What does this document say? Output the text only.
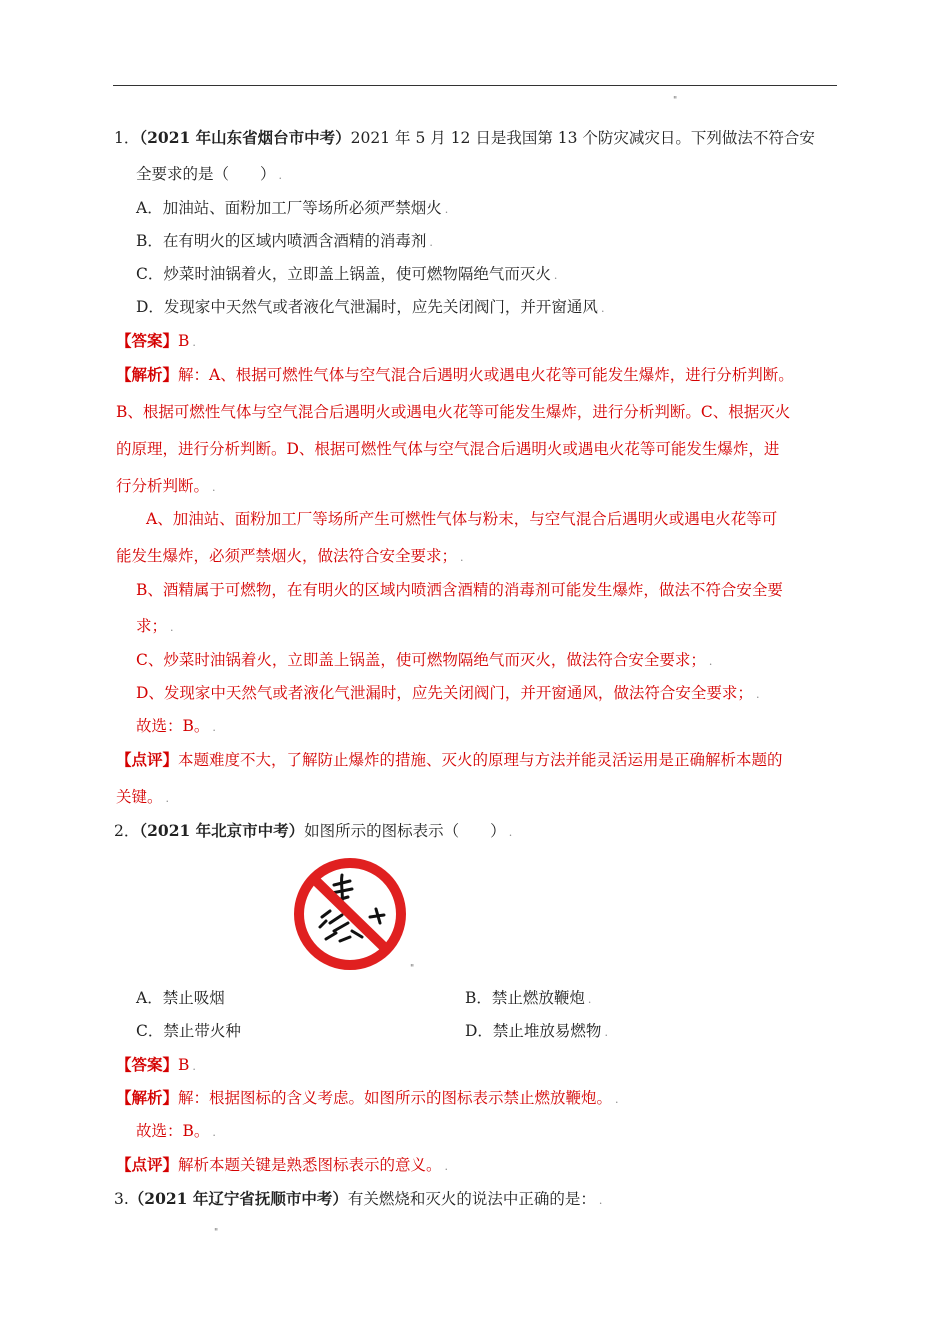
"
1．（2021 年山东省烟台市中考）2021 年 5 月 12 日是我国第 13 个防灾减灾日。下列做法不符合安
全要求的是（　　） .
A．加油站、面粉加工厂等场所必须严禁烟火 .
B．在有明火的区域内喷洒含酒精的消毒剂 .
C．炒菜时油锅着火，立即盖上锅盖，使可燃物隔绝气而灭火 .
D．发现家中天然气或者液化气泄漏时，应先关闭阀门，并开窗通风 .
【答案】B .
【解析】解：A、根据可燃性气体与空气混合后遇明火或遇电火花等可能发生爆炸，进行分析判断。
B、根据可燃性气体与空气混合后遇明火或遇电火花等可能发生爆炸，进行分析判断。C、根据灭火
的原理，进行分析判断。D、根据可燃性气体与空气混合后遇明火或遇电火花等可能发生爆炸，进
行分析判断。 .
A、加油站、面粉加工厂等场所产生可燃性气体与粉末，与空气混合后遇明火或遇电火花等可
能发生爆炸，必须严禁烟火，做法符合安全要求； .
B、酒精属于可燃物，在有明火的区域内喷洒含酒精的消毒剂可能发生爆炸，做法不符合安全要
求； .
C、炒菜时油锅着火，立即盖上锅盖，使可燃物隔绝气而灭火，做法符合安全要求； .
D、发现家中天然气或者液化气泄漏时，应先关闭阀门，并开窗通风，做法符合安全要求； .
故选：B。 .
【点评】本题难度不大，了解防止爆炸的措施、灭火的原理与方法并能灵活运用是正确解析本题的
关键。 .
2．（2021 年北京市中考）如图所示的图标表示（　　） .
"
A．禁止吸烟	B．禁止燃放鞭炮 .
C．禁止带火种	D．禁止堆放易燃物 .
【答案】B .
【解析】解：根据图标的含义考虑。如图所示的图标表示禁止燃放鞭炮。 .
故选：B。 .
【点评】解析本题关键是熟悉图标表示的意义。 .
3.（2021 年辽宁省抚顺市中考）有关燃烧和灭火的说法中正确的是： .
"
